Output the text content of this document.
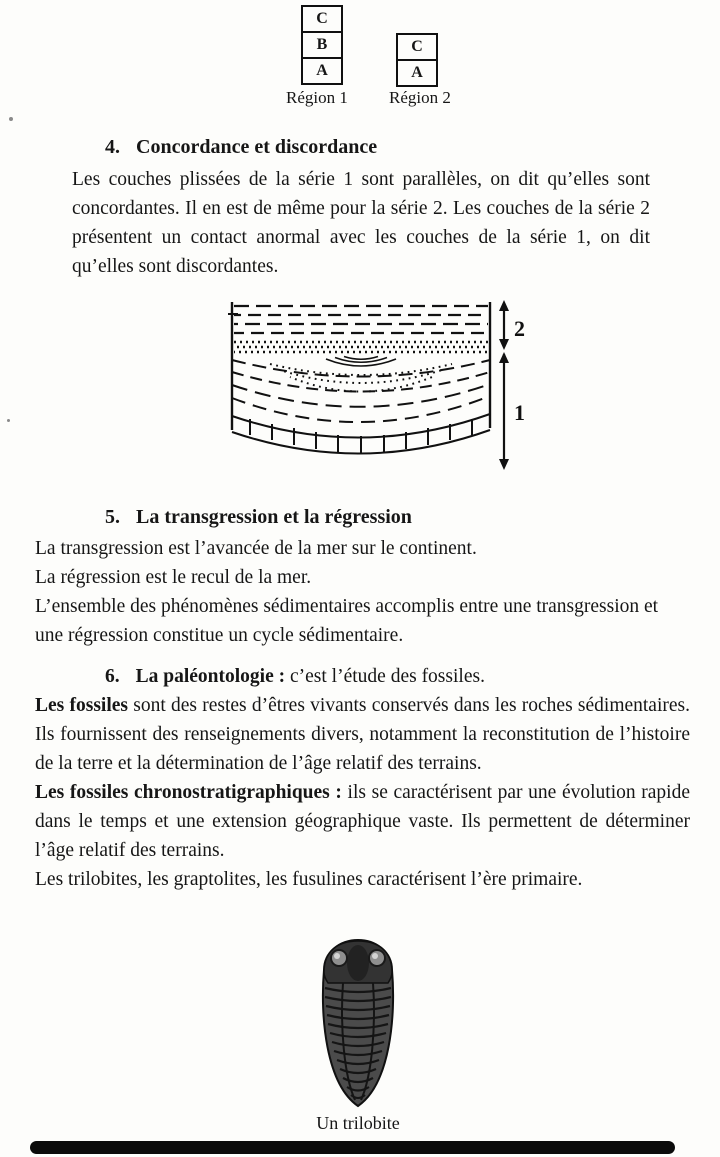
C
B
A
C
A
Région 1 Région 2
4. Concordance et discordance
Les couches plissées de la série 1 sont parallèles, on dit qu’elles sont concordantes. Il en est de même pour la série 2. Les couches de la série 2 présentent un contact anormal avec les couches de la série 1, on dit qu’elles sont discordantes.
2
1
5. La transgression et la régression

La transgression est l’avancée de la mer sur le continent.

La régression est le recul de la mer.

L’ensemble des phénomènes sédimentaires accomplis entre une transgression et une régression constitue un cycle sédimentaire.

6. La paléontologie : c’est l’étude des fossiles.

Les fossiles sont des restes d’êtres vivants conservés dans les roches sédimentaires. Ils fournissent des renseignements divers, notamment la reconstitution de l’histoire de la terre et la détermination de l’âge relatif des terrains.

Les fossiles chronostratigraphiques : ils se caractérisent par une évolution rapide dans le temps et une extension géographique vaste. Ils permettent de déterminer l’âge relatif des terrains.

Les trilobites, les graptolites, les fusulines caractérisent l’ère primaire.

Un trilobite
